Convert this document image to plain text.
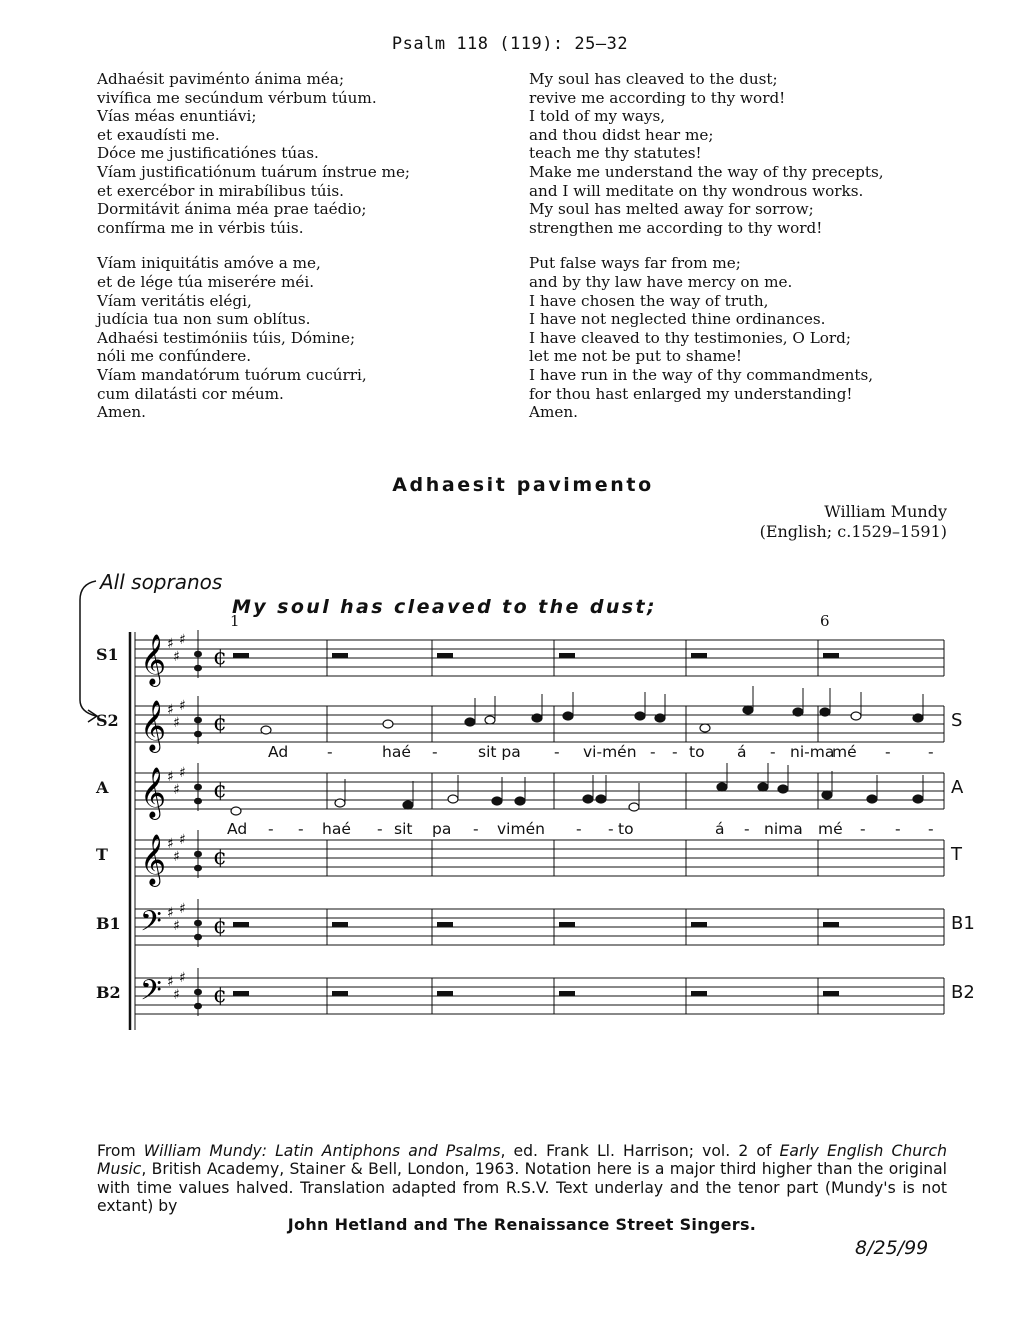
Psalm 118 (119): 25–32
Adhaésit paviménto ánima méa;
vivífica me secúndum vérbum túum.
Vías méas enuntiávi;
et exaudísti me.
Dóce me justificatiónes túas.
Víam justificatiónum tuárum ínstrue me;
et exercébor in mirabílibus túis.
Dormitávit ánima méa prae taédio;
confírma me in vérbis túis.
Víam iniquitátis amóve a me,
et de lége túa miserére méi.
Víam veritátis elégi,
judícia tua non sum oblítus.
Adhaési testimóniis túis, Dómine;
nóli me confúndere.
Víam mandatórum tuórum cucúrri,
cum dilatásti cor méum.
Amen.
My soul has cleaved to the dust;
revive me according to thy word!
I told of my ways,
and thou didst hear me;
teach me thy statutes!
Make me understand the way of thy precepts,
and I will meditate on thy wondrous works.
My soul has melted away for sorrow;
strengthen me according to thy word!
Put false ways far from me;
and by thy law have mercy on me.
I have chosen the way of truth,
I have not neglected thine ordinances.
I have cleaved to thy testimonies, O Lord;
let me not be put to shame!
I have run in the way of thy commandments,
for thou hast enlarged my understanding!
Amen.
Adhaesit pavimento
William Mundy
(English; c.1529–1591)
All sopranos
My soul has cleaved to the dust;
1	6
𝄞 ♯
♯
♯
¢
𝄞 ♯
♯
♯
¢
𝄞 ♯
♯
♯
¢
𝄞 ♯
♯
♯
¢
𝄢 ♯
♯
♯
¢
𝄢 ♯
♯
♯
¢
S1
S2	S
A	A
T	T
B1	B1
B2	B2
Ad	-	haé -	sit pa - vi-mén - - to á - ni-ma
mé - -
Ad - - haé - sit pa - vimén - - to	á - nima mé - - -
8/25/99
From William Mundy: Latin Antiphons and Psalms, ed. Frank Ll. Harrison; vol. 2 of Early English Church Music, British Academy, Stainer & Bell, London, 1963. Notation here is a major third higher than the original with time values halved. Translation adapted from R.S.V. Text underlay and the tenor part (Mundy's is not extant) by
John Hetland and The Renaissance Street Singers.
